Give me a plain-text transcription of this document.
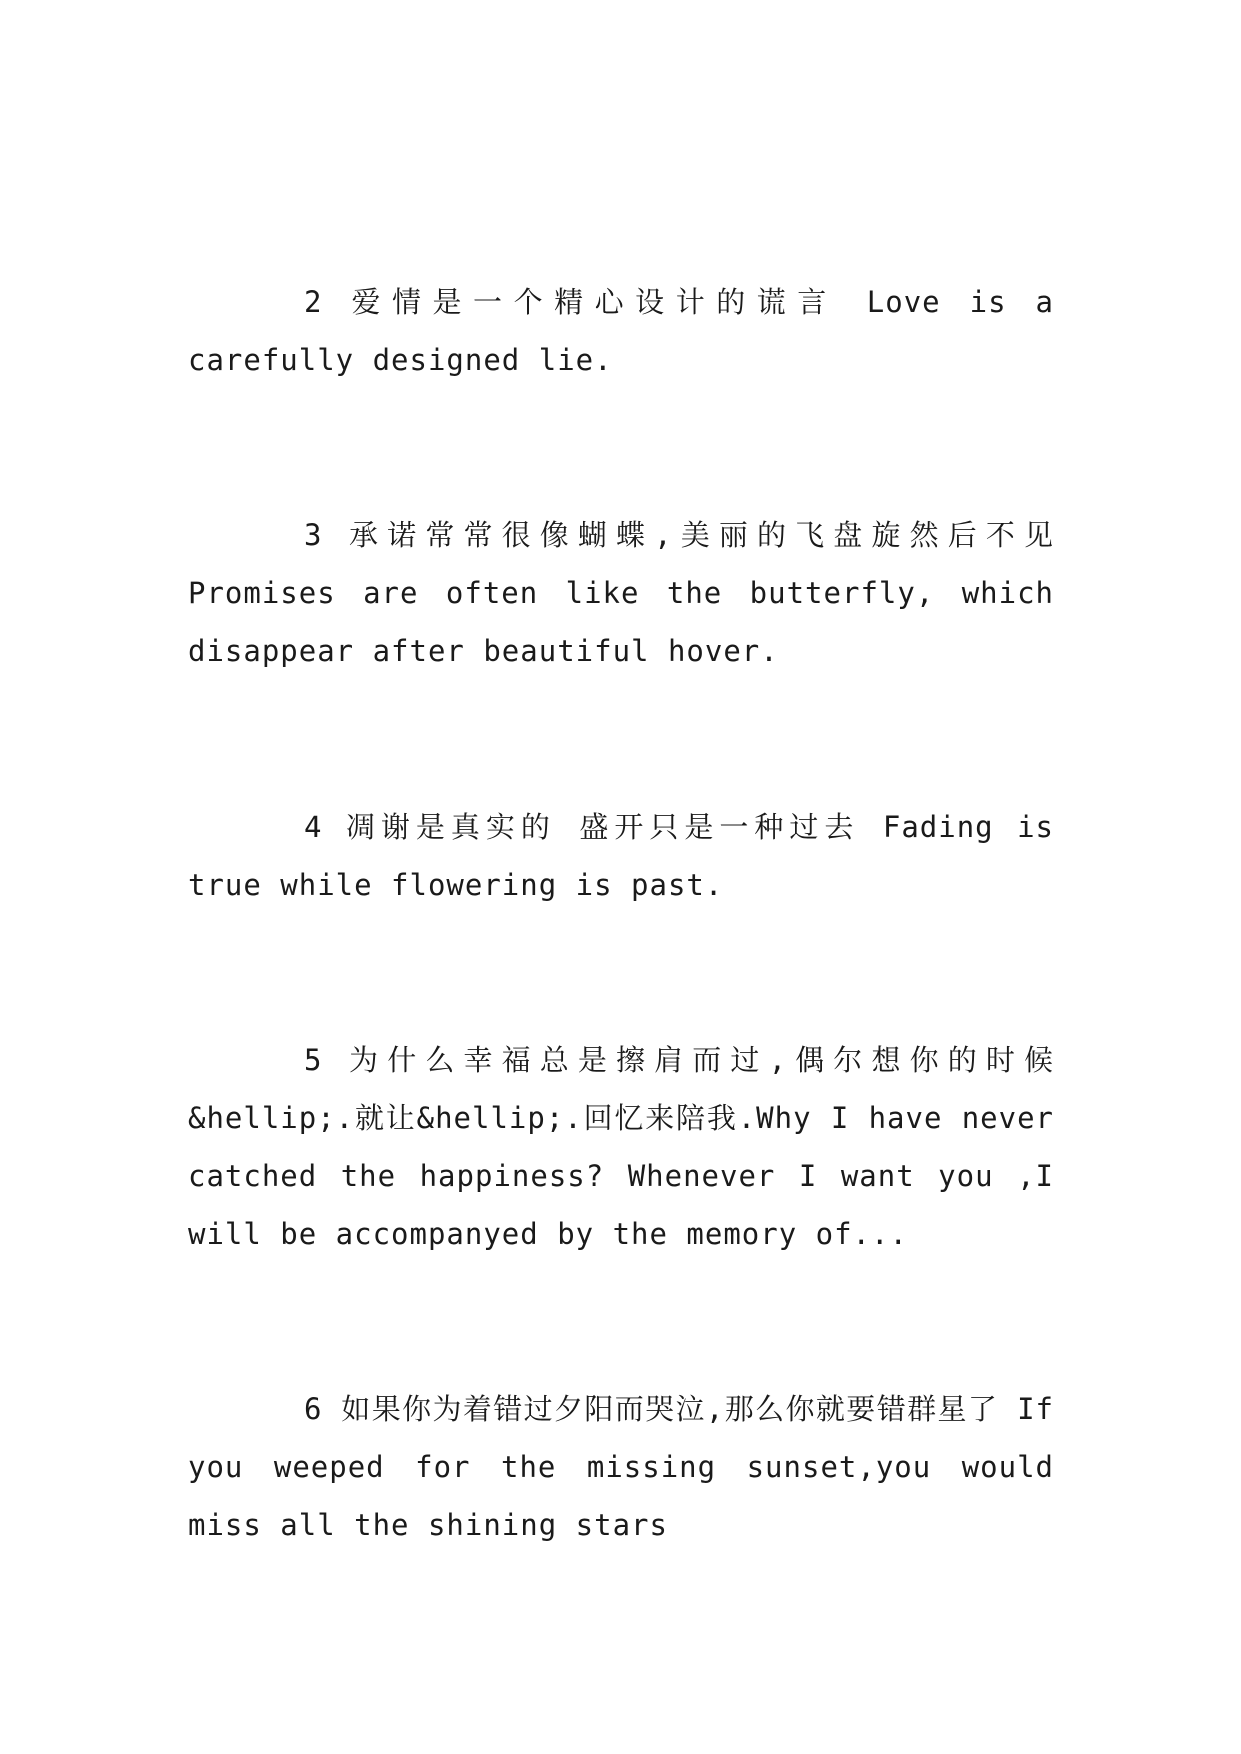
2 爱情是一个精心设计的谎言 Love is a carefully designed lie.

3 承诺常常很像蝴蝶,美丽的飞盘旋然后不见 Promises are often like the butterfly, which disappear after beautiful hover.

4 凋谢是真实的 盛开只是一种过去 Fading is true while flowering is past.

5 为什么幸福总是擦肩而过,偶尔想你的时候&hellip;.就让&hellip;.回忆来陪我.Why I have never catched the happiness? Whenever I want you ,I will be accompanyed by the memory of...

6 如果你为着错过夕阳而哭泣,那么你就要错群星了 If you weeped for the missing sunset,you would miss all the shining stars
